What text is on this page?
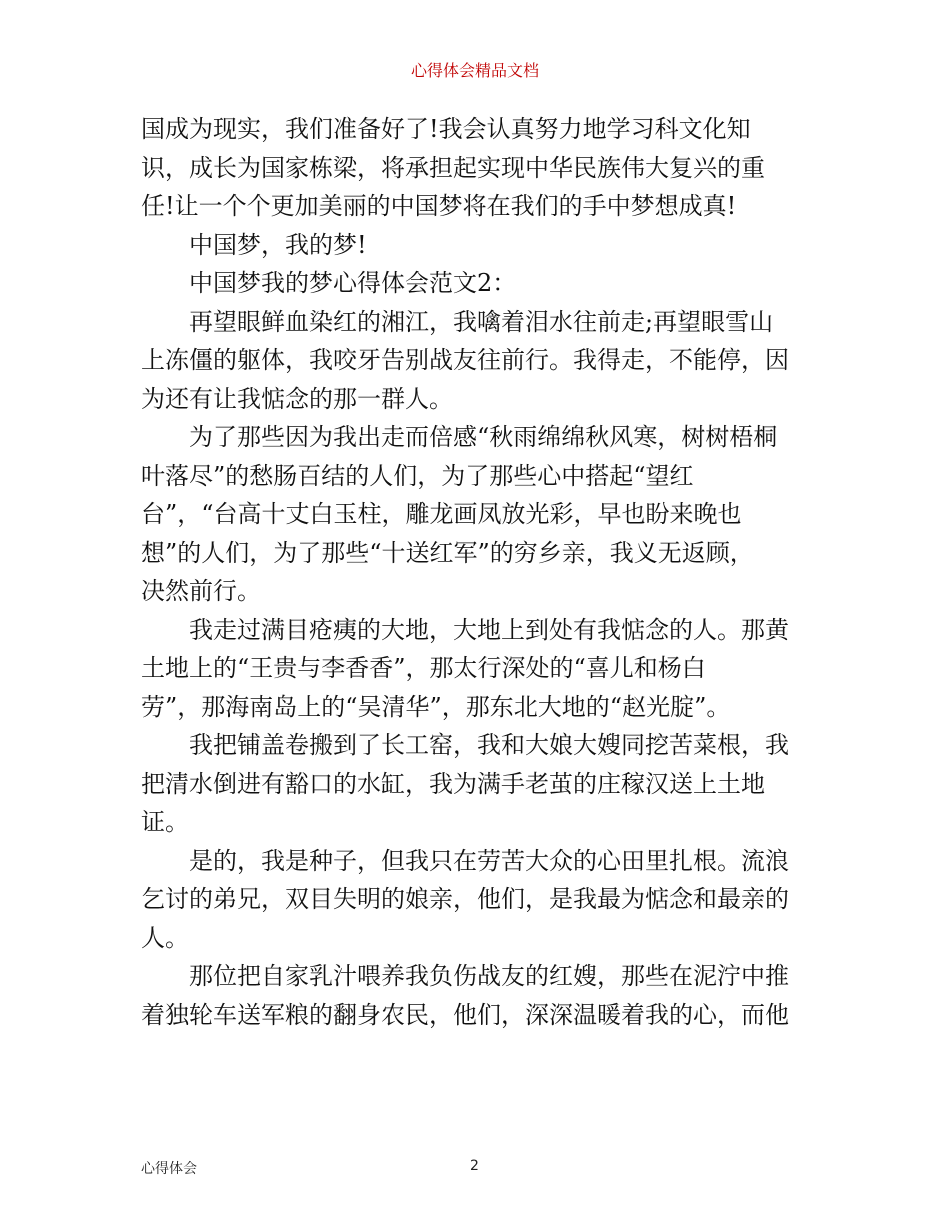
心得体会精品文档
国成为现实，我们准备好了!我会认真努力地学习科文化知
识，成长为国家栋梁，将承担起实现中华民族伟大复兴的重
任!让一个个更加美丽的中国梦将在我们的手中梦想成真!
　　中国梦，我的梦!
　　中国梦我的梦心得体会范文2：
　　再望眼鲜血染红的湘江，我噙着泪水往前走;再望眼雪山
上冻僵的躯体，我咬牙告别战友往前行。我得走，不能停，因
为还有让我惦念的那一群人。
　　为了那些因为我出走而倍感“秋雨绵绵秋风寒，树树梧桐
叶落尽”的愁肠百结的人们，为了那些心中搭起“望红
台”，“台高十丈白玉柱，雕龙画凤放光彩，早也盼来晚也
想”的人们，为了那些“十送红军”的穷乡亲，我义无返顾，
决然前行。
　　我走过满目疮痍的大地，大地上到处有我惦念的人。那黄
土地上的“王贵与李香香”，那太行深处的“喜儿和杨白
劳”，那海南岛上的“吴清华”，那东北大地的“赵光腚”。
　　我把铺盖卷搬到了长工窑，我和大娘大嫂同挖苦菜根，我
把清水倒进有豁口的水缸，我为满手老茧的庄稼汉送上土地
证。
　　是的，我是种子，但我只在劳苦大众的心田里扎根。流浪
乞讨的弟兄，双目失明的娘亲，他们，是我最为惦念和最亲的
人。
　　那位把自家乳汁喂养我负伤战友的红嫂，那些在泥泞中推
着独轮车送军粮的翻身农民，他们，深深温暖着我的心，而他
心得体会	2
